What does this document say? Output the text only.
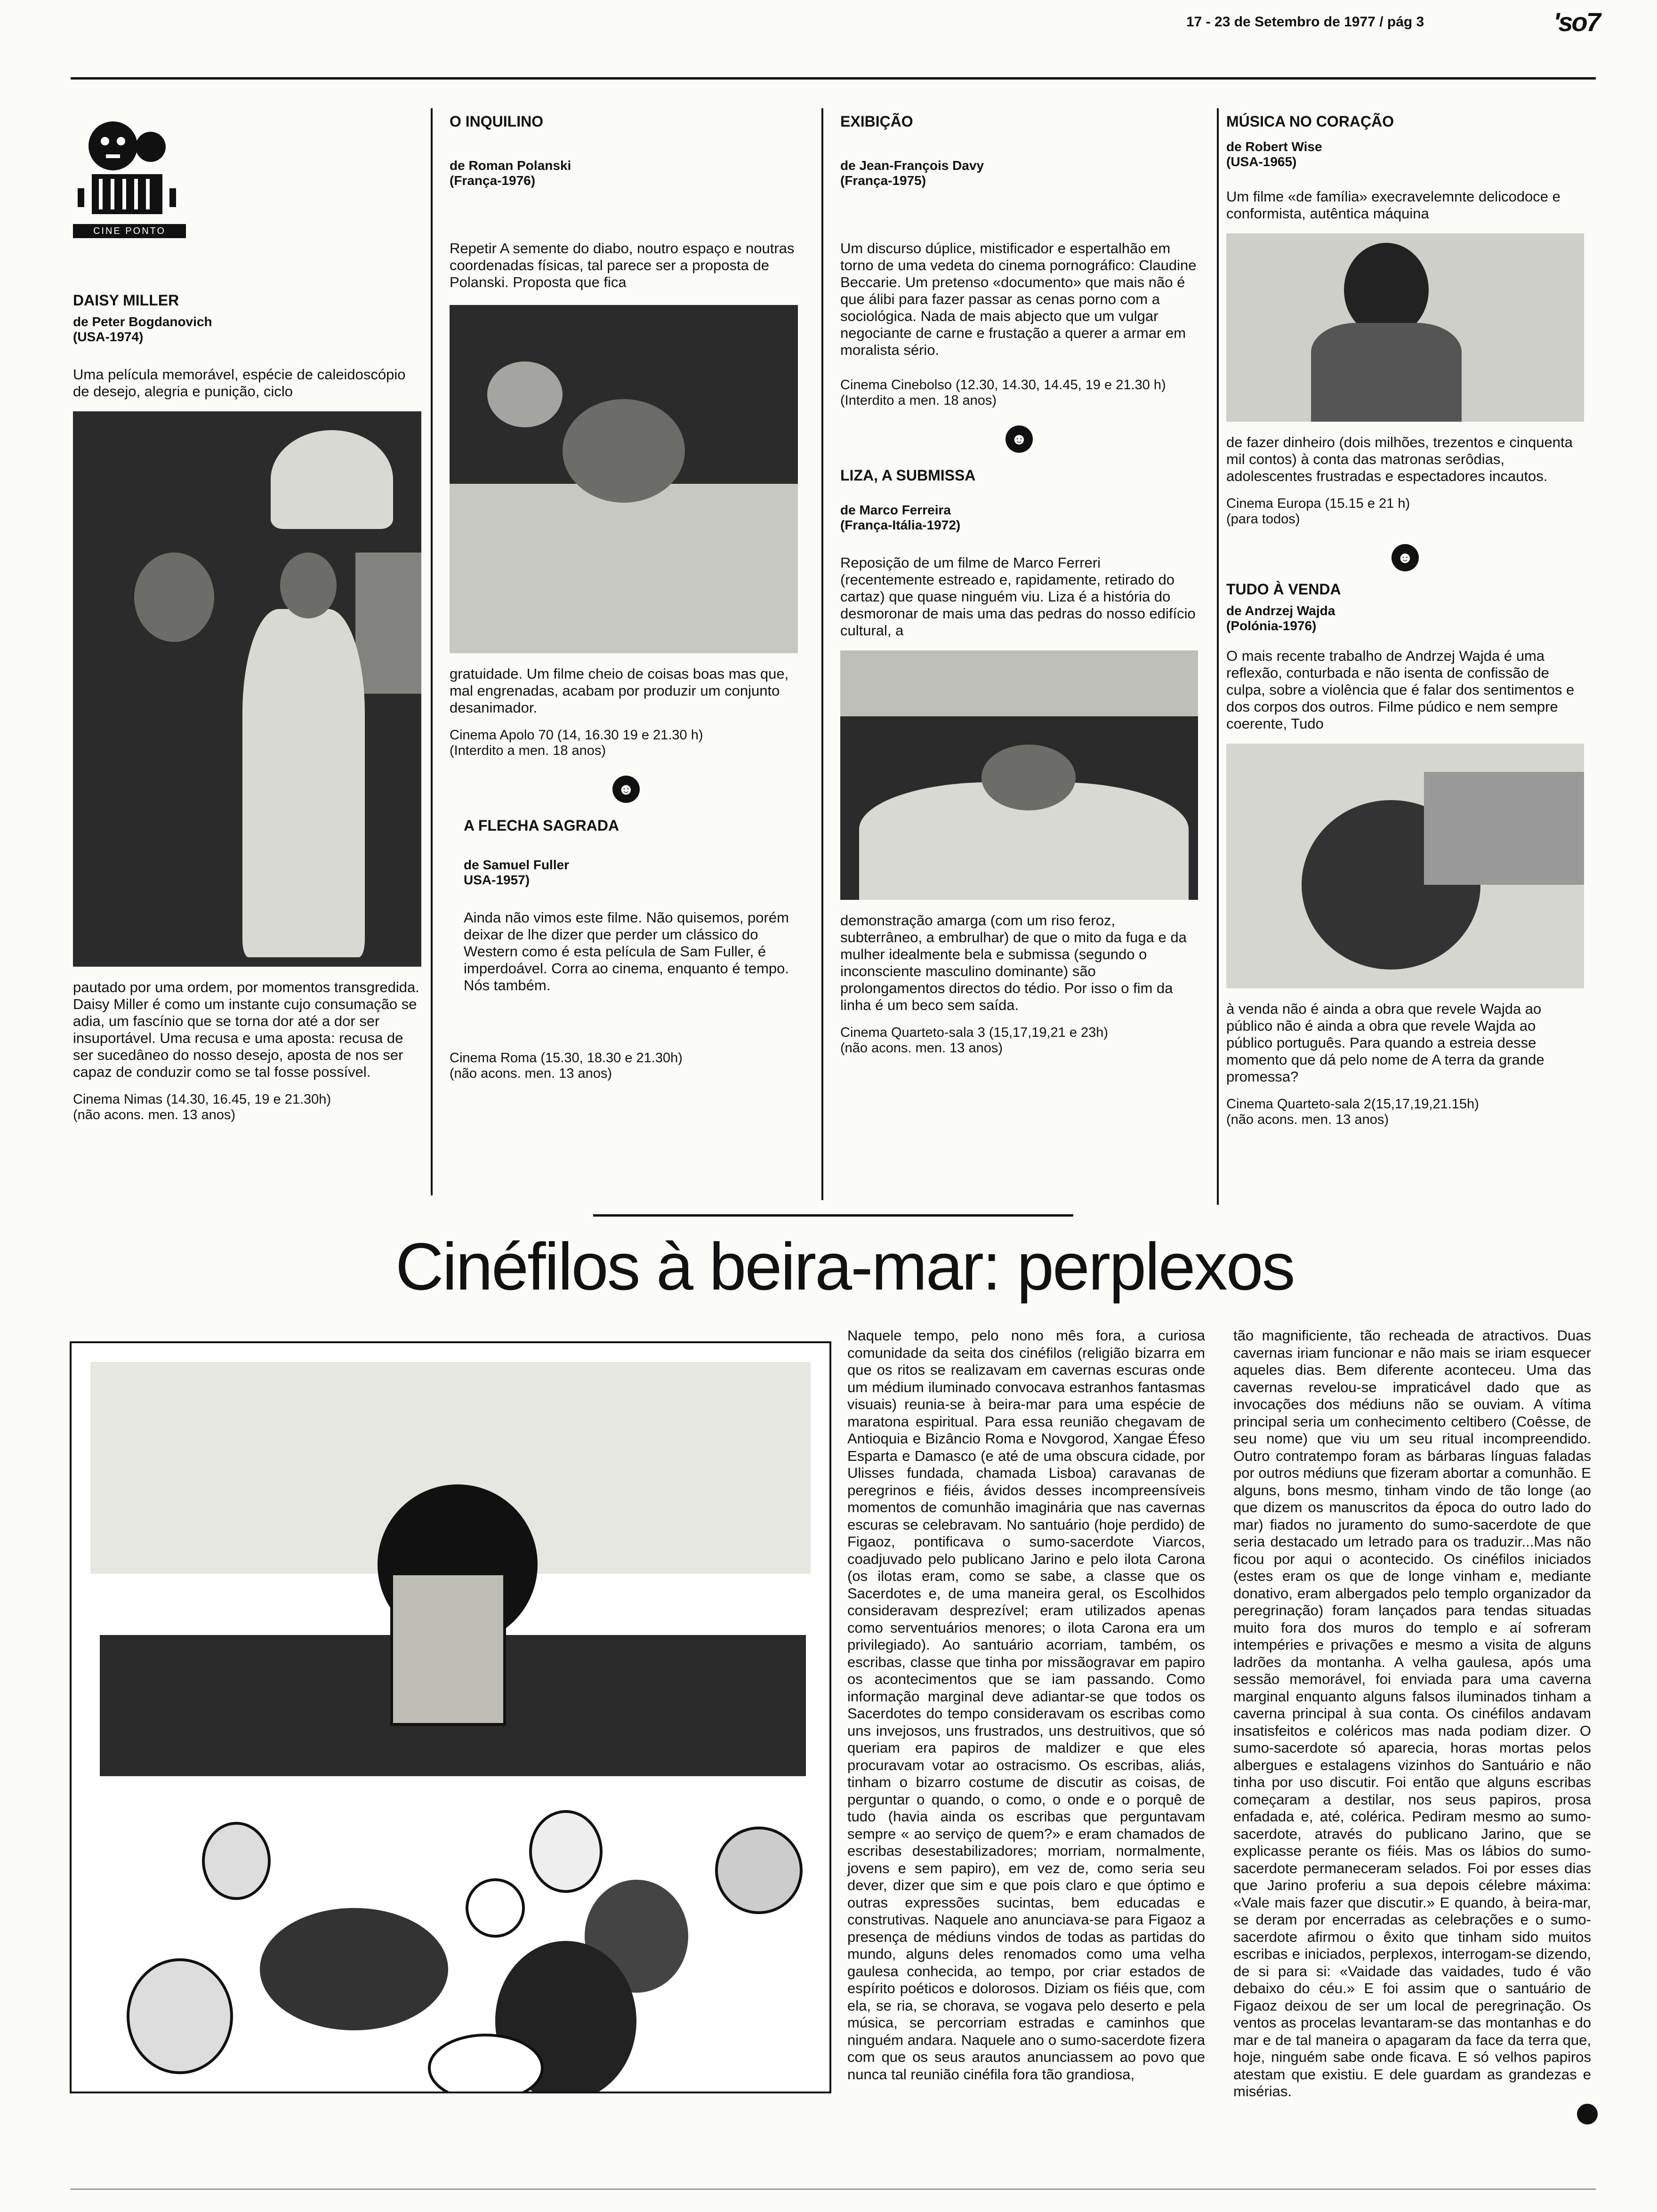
17 - 23 de Setembro de 1977 / pág 3	'so7
CINE PONTO
DAISY MILLER
de Peter Bogdanovich
(USA-1974)

Uma película memorável, espécie de caleidoscópio de desejo, alegria e punição, ciclo

pautado por uma ordem, por momentos transgredida. Daisy Miller é como um instante cujo consumação se adia, um fascínio que se torna dor até a dor ser insuportável. Uma recusa e uma aposta: recusa de ser sucedâneo do nosso desejo, aposta de nos ser capaz de conduzir como se tal fosse possível.

Cinema Nimas (14.30, 16.45, 19 e 21.30h)
(não acons. men. 13 anos)
O INQUILINO
de Roman Polanski
(França-1976)

Repetir A semente do diabo, noutro espaço e noutras coordenadas físicas, tal parece ser a proposta de Polanski. Proposta que fica

gratuidade. Um filme cheio de coisas boas mas que, mal engrenadas, acabam por produzir um conjunto desanimador.

Cinema Apolo 70 (14, 16.30 19 e 21.30 h)
(Interdito a men. 18 anos)
☻
A FLECHA SAGRADA
de Samuel Fuller
USA-1957)

Ainda não vimos este filme. Não quisemos, porém deixar de lhe dizer que perder um clássico do Western como é esta película de Sam Fuller, é imperdoável. Corra ao cinema, enquanto é tempo. Nós também.

Cinema Roma (15.30, 18.30 e 21.30h)
(não acons. men. 13 anos)
EXIBIÇÃO
de Jean-François Davy
(França-1975)

Um discurso dúplice, mistificador e espertalhão em torno de uma vedeta do cinema pornográfico: Claudine Beccarie. Um pretenso «documento» que mais não é que álibi para fazer passar as cenas porno com a sociológica. Nada de mais abjecto que um vulgar negociante de carne e frustação a querer a armar em moralista sério.

Cinema Cinebolso (12.30, 14.30, 14.45, 19 e 21.30 h)
(Interdito a men. 18 anos)
☻
LIZA, A SUBMISSA
de Marco Ferreira
(França-Itália-1972)

Reposição de um filme de Marco Ferreri (recentemente estreado e, rapidamente, retirado do cartaz) que quase ninguém viu. Liza é a história do desmoronar de mais uma das pedras do nosso edifício cultural, a

demonstração amarga (com um riso feroz, subterrâneo, a embrulhar) de que o mito da fuga e da mulher idealmente bela e submissa (segundo o inconsciente masculino dominante) são prolongamentos directos do tédio. Por isso o fim da linha é um beco sem saída.

Cinema Quarteto-sala 3 (15,17,19,21 e 23h)
(não acons. men. 13 anos)
MÚSICA NO CORAÇÃO
de Robert Wise
(USA-1965)

Um filme «de família» execravelemnte delicodoce e conformista, autêntica máquina

de fazer dinheiro (dois milhões, trezentos e cinquenta mil contos) à conta das matronas serôdias, adolescentes frustradas e espectadores incautos.

Cinema Europa (15.15 e 21 h)
(para todos)
☻
TUDO À VENDA
de Andrzej Wajda
(Polónia-1976)

O mais recente trabalho de Andrzej Wajda é uma reflexão, conturbada e não isenta de confissão de culpa, sobre a violência que é falar dos sentimentos e dos corpos dos outros. Filme púdico e nem sempre coerente, Tudo

à venda não é ainda a obra que revele Wajda ao público não é ainda a obra que revele Wajda ao público português. Para quando a estreia desse momento que dá pelo nome de A terra da grande promessa?

Cinema Quarteto-sala 2(15,17,19,21.15h)
(não acons. men. 13 anos)
Cinéfilos à beira-mar: perplexos

Naquele tempo, pelo nono mês fora, a curiosa comunidade da seita dos cinéfilos (religião bizarra em que os ritos se realizavam em cavernas escuras onde um médium iluminado convocava estranhos fantasmas visuais) reunia-se à beira-mar para uma espécie de maratona espiritual. Para essa reunião chegavam de Antioquia e Bizâncio Roma e Novgorod, Xangae Éfeso Esparta e Damasco (e até de uma obscura cidade, por Ulisses fundada, chamada Lisboa) caravanas de peregrinos e fiéis, ávidos desses incompreensíveis momentos de comunhão imaginária que nas cavernas escuras se celebravam. No santuário (hoje perdido) de Figaoz, pontificava o sumo-sacerdote Viarcos, coadjuvado pelo publicano Jarino e pelo ilota Carona (os ilotas eram, como se sabe, a classe que os Sacerdotes e, de uma maneira geral, os Escolhidos consideravam desprezível; eram utilizados apenas como serventuários menores; o ilota Carona era um privilegiado). Ao santuário acorriam, também, os escribas, classe que tinha por missãogravar em papiro os acontecimentos que se iam passando. Como informação marginal deve adiantar-se que todos os Sacerdotes do tempo consideravam os escribas como uns invejosos, uns frustrados, uns destruitivos, que só queriam era papiros de maldizer e que eles procuravam votar ao ostracismo. Os escribas, aliás, tinham o bizarro costume de discutir as coisas, de perguntar o quando, o como, o onde e o porquê de tudo (havia ainda os escribas que perguntavam sempre « ao serviço de quem?» e eram chamados de escribas desestabilizadores; morriam, normalmente, jovens e sem papiro), em vez de, como seria seu dever, dizer que sim e que pois claro e que óptimo e outras expressões sucintas, bem educadas e construtivas. Naquele ano anunciava-se para Figaoz a presença de médiuns vindos de todas as partidas do mundo, alguns deles renomados como uma velha gaulesa conhecida, ao tempo, por criar estados de espírito poéticos e dolorosos. Diziam os fiéis que, com ela, se ria, se chorava, se vogava pelo deserto e pela música, se percorriam estradas e caminhos que ninguém andara. Naquele ano o sumo-sacerdote fizera com que os seus arautos anunciassem ao povo que nunca tal reunião cinéfila fora tão grandiosa,

tão magnificiente, tão recheada de atractivos. Duas cavernas iriam funcionar e não mais se iriam esquecer aqueles dias. Bem diferente aconteceu. Uma das cavernas revelou-se impraticável dado que as invocações dos médiuns não se ouviam. A vítima principal seria um conhecimento celtibero (Coêsse, de seu nome) que viu um seu ritual incompreendido. Outro contratempo foram as bárbaras línguas faladas por outros médiuns que fizeram abortar a comunhão. E alguns, bons mesmo, tinham vindo de tão longe (ao que dizem os manuscritos da época do outro lado do mar) fiados no juramento do sumo-sacerdote de que seria destacado um letrado para os traduzir...Mas não ficou por aqui o acontecido. Os cinéfilos iniciados (estes eram os que de longe vinham e, mediante donativo, eram albergados pelo templo organizador da peregrinação) foram lançados para tendas situadas muito fora dos muros do templo e aí sofreram intempéries e privações e mesmo a visita de alguns ladrões da montanha. A velha gaulesa, após uma sessão memorável, foi enviada para uma caverna marginal enquanto alguns falsos iluminados tinham a caverna principal à sua conta. Os cinéfilos andavam insatisfeitos e coléricos mas nada podiam dizer. O sumo-sacerdote só aparecia, horas mortas pelos albergues e estalagens vizinhos do Santuário e não tinha por uso discutir. Foi então que alguns escribas começaram a destilar, nos seus papiros, prosa enfadada e, até, colérica. Pediram mesmo ao sumo-sacerdote, através do publicano Jarino, que se explicasse perante os fiéis. Mas os lábios do sumo-sacerdote permaneceram selados. Foi por esses dias que Jarino proferiu a sua depois célebre máxima: «Vale mais fazer que discutir.» E quando, à beira-mar, se deram por encerradas as celebrações e o sumo-sacerdote afirmou o êxito que tinham sido muitos escribas e iniciados, perplexos, interrogam-se dizendo, de si para si: «Vaidade das vaidades, tudo é vão debaixo do céu.» E foi assim que o santuário de Figaoz deixou de ser um local de peregrinação. Os ventos as procelas levantaram-se das montanhas e do mar e de tal maneira o apagaram da face da terra que, hoje, ninguém sabe onde ficava. E só velhos papiros atestam que existiu. E dele guardam as grandezas e misérias.
